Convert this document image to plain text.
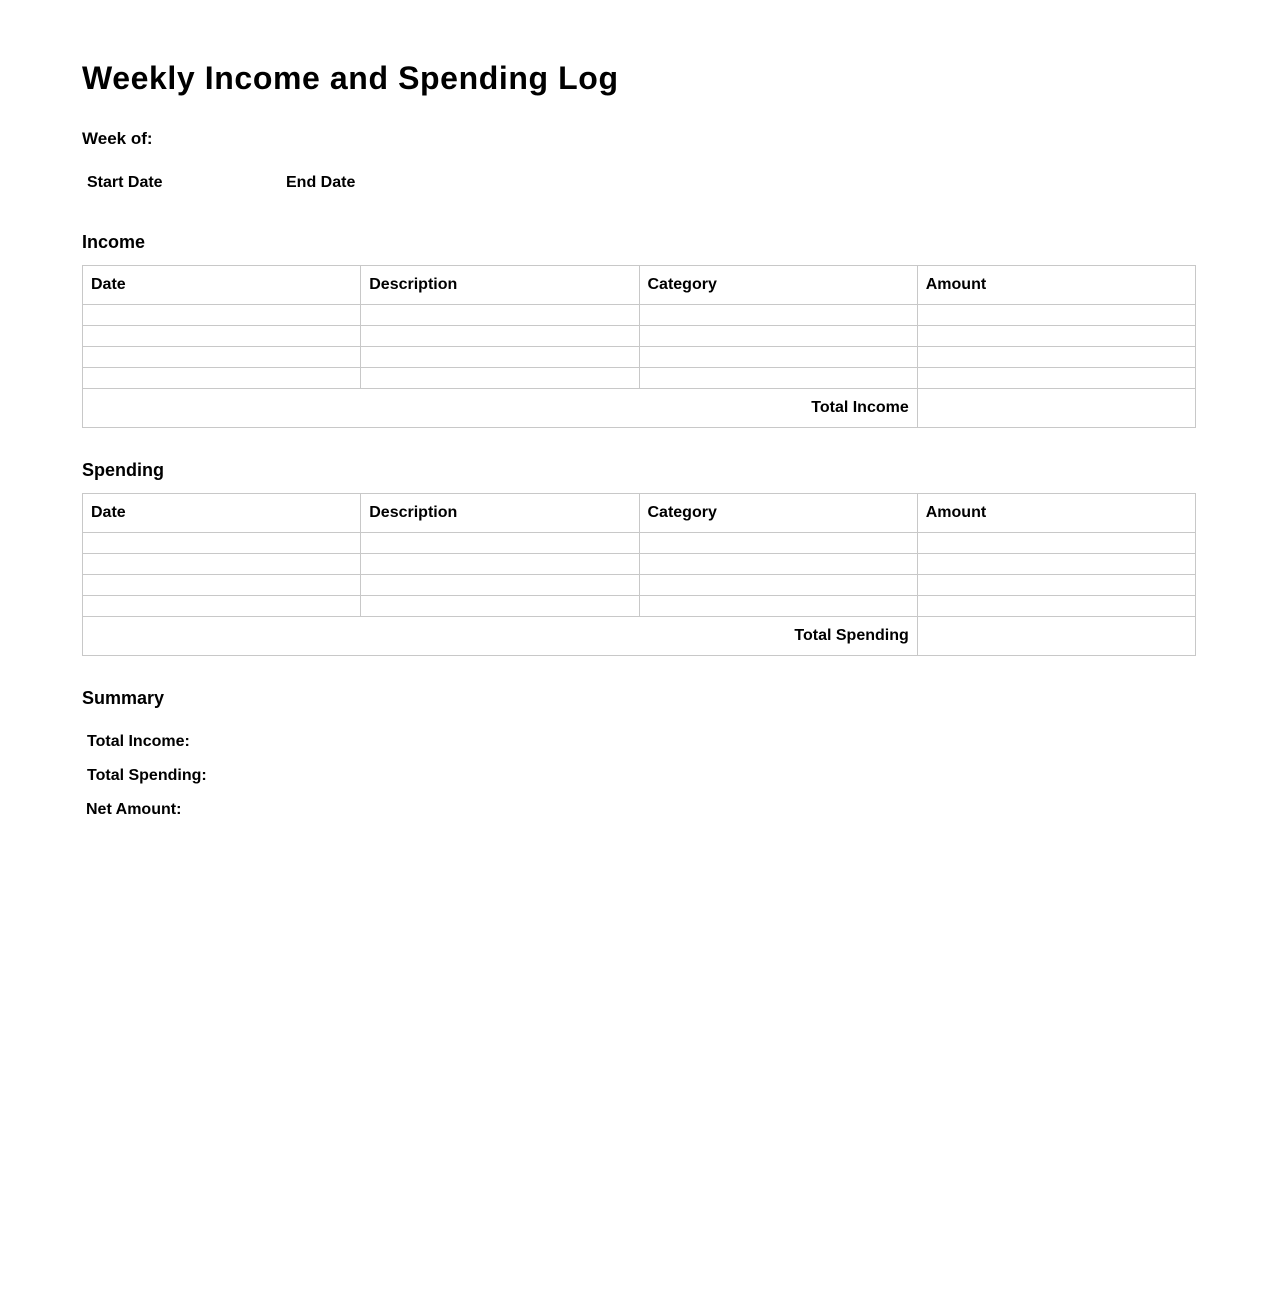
Weekly Income and Spending Log
Week of:
Start Date	End Date
Income
Date	Description	Category	Amount

Total Income			
Spending
Date	Description	Category	Amount

Total Spending			
Summary
Total Income:
Total Spending:
Net Amount:
